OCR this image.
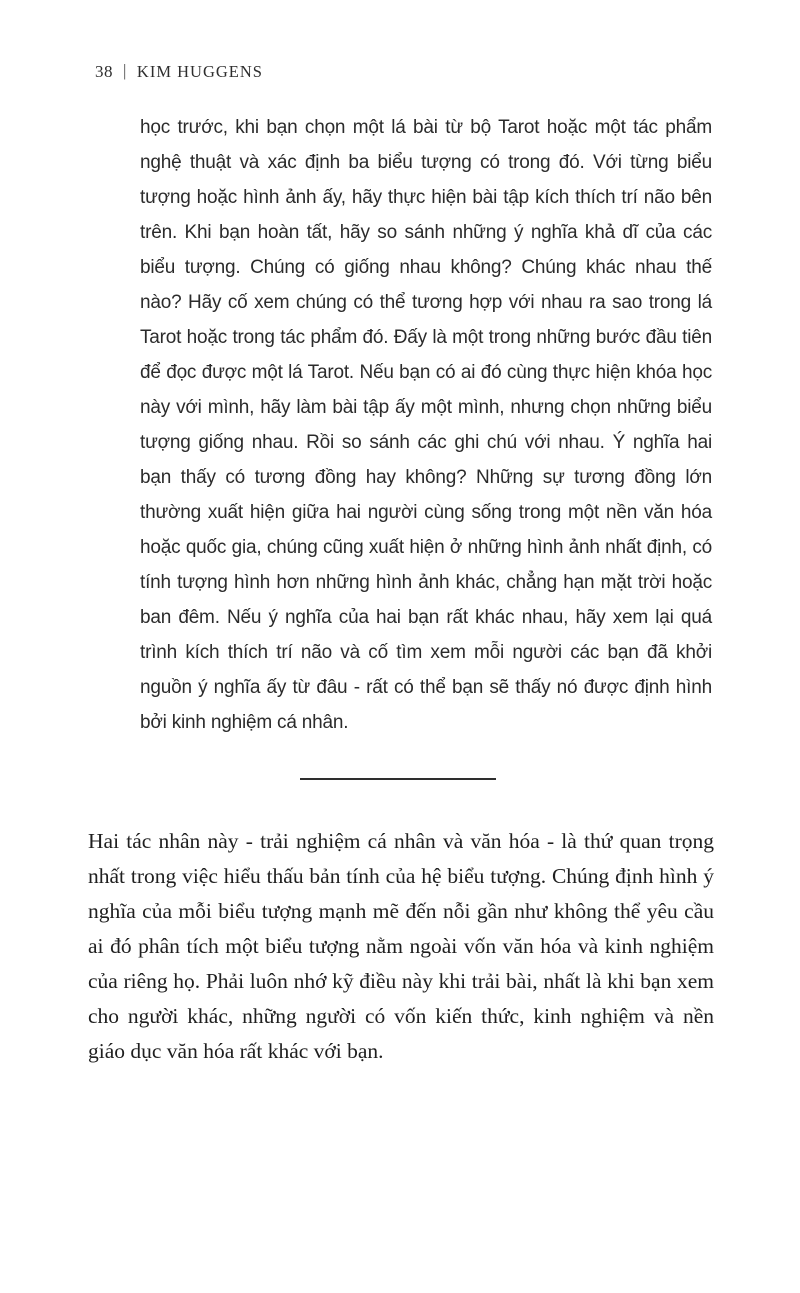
38 | KIM HUGGENS
học trước, khi bạn chọn một lá bài từ bộ Tarot hoặc một tác phẩm nghệ thuật và xác định ba biểu tượng có trong đó. Với từng biểu tượng hoặc hình ảnh ấy, hãy thực hiện bài tập kích thích trí não bên trên. Khi bạn hoàn tất, hãy so sánh những ý nghĩa khả dĩ của các biểu tượng. Chúng có giống nhau không? Chúng khác nhau thế nào? Hãy cố xem chúng có thể tương hợp với nhau ra sao trong lá Tarot hoặc trong tác phẩm đó. Đấy là một trong những bước đầu tiên để đọc được một lá Tarot. Nếu bạn có ai đó cùng thực hiện khóa học này với mình, hãy làm bài tập ấy một mình, nhưng chọn những biểu tượng giống nhau. Rồi so sánh các ghi chú với nhau. Ý nghĩa hai bạn thấy có tương đồng hay không? Những sự tương đồng lớn thường xuất hiện giữa hai người cùng sống trong một nền văn hóa hoặc quốc gia, chúng cũng xuất hiện ở những hình ảnh nhất định, có tính tượng hình hơn những hình ảnh khác, chẳng hạn mặt trời hoặc ban đêm. Nếu ý nghĩa của hai bạn rất khác nhau, hãy xem lại quá trình kích thích trí não và cố tìm xem mỗi người các bạn đã khởi nguồn ý nghĩa ấy từ đâu - rất có thể bạn sẽ thấy nó được định hình bởi kinh nghiệm cá nhân.
Hai tác nhân này - trải nghiệm cá nhân và văn hóa - là thứ quan trọng nhất trong việc hiểu thấu bản tính của hệ biểu tượng. Chúng định hình ý nghĩa của mỗi biểu tượng mạnh mẽ đến nỗi gần như không thể yêu cầu ai đó phân tích một biểu tượng nằm ngoài vốn văn hóa và kinh nghiệm của riêng họ. Phải luôn nhớ kỹ điều này khi trải bài, nhất là khi bạn xem cho người khác, những người có vốn kiến thức, kinh nghiệm và nền giáo dục văn hóa rất khác với bạn.
